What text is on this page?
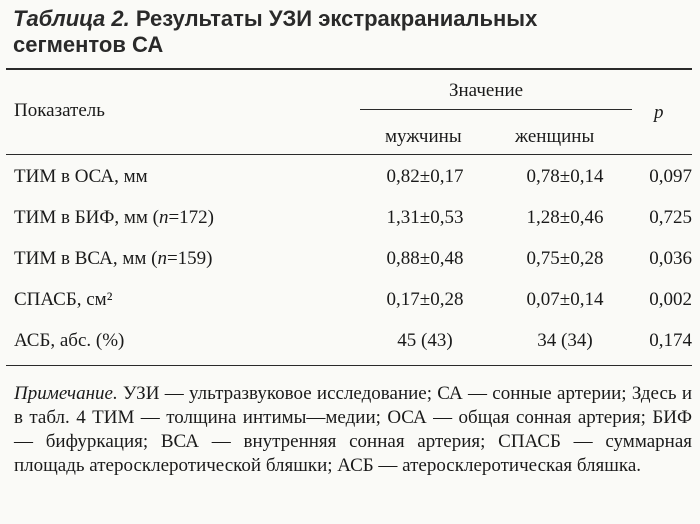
Таблица 2. Результаты УЗИ экстракраниальных сегментов СА
Показатель
Значение
мужчины	женщины
p
ТИМ в ОСА, мм	0,82±0,17	0,78±0,14	0,097
ТИМ в БИФ, мм (n=172)	1,31±0,53	1,28±0,46	0,725
ТИМ в ВСА, мм (n=159)	0,88±0,48	0,75±0,28	0,036
СПАСБ, см²	0,17±0,28	0,07±0,14	0,002
АСБ, абс. (%)	45 (43)	34 (34)	0,174
Примечание. УЗИ — ультразвуковое исследование; СА — сонные артерии; Здесь и в табл. 4 ТИМ — толщина интимы—медии; ОСА — общая сонная артерия; БИФ — бифуркация; ВСА — внутренняя сонная артерия; СПАСБ — суммарная площадь атеросклеротической бляшки; АСБ — атеросклеротическая бляшка.
